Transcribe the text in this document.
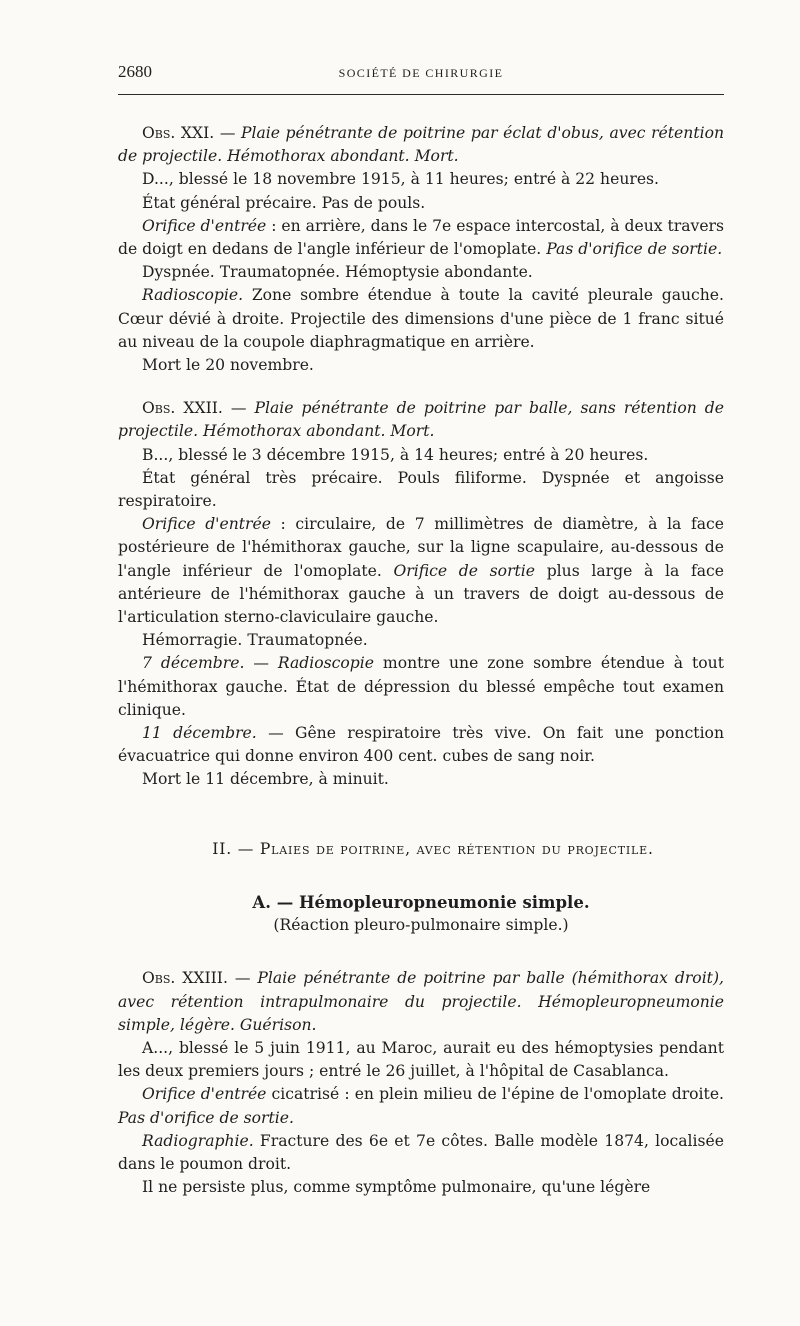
2680	SOCIÉTÉ DE CHIRURGIE

Obs. XXI. — Plaie pénétrante de poitrine par éclat d'obus, avec rétention de projectile. Hémothorax abondant. Mort.

D..., blessé le 18 novembre 1915, à 11 heures; entré à 22 heures.

État général précaire. Pas de pouls.

Orifice d'entrée : en arrière, dans le 7e espace intercostal, à deux travers de doigt en dedans de l'angle inférieur de l'omoplate. Pas d'orifice de sortie.

Dyspnée. Traumatopnée. Hémoptysie abondante.

Radioscopie. Zone sombre étendue à toute la cavité pleurale gauche. Cœur dévié à droite. Projectile des dimensions d'une pièce de 1 franc situé au niveau de la coupole diaphragmatique en arrière.

Mort le 20 novembre.

Obs. XXII. — Plaie pénétrante de poitrine par balle, sans rétention de projectile. Hémothorax abondant. Mort.

B..., blessé le 3 décembre 1915, à 14 heures; entré à 20 heures.

État général très précaire. Pouls filiforme. Dyspnée et angoisse respiratoire.

Orifice d'entrée : circulaire, de 7 millimètres de diamètre, à la face postérieure de l'hémithorax gauche, sur la ligne scapulaire, au-dessous de l'angle inférieur de l'omoplate. Orifice de sortie plus large à la face antérieure de l'hémithorax gauche à un travers de doigt au-dessous de l'articulation sterno-claviculaire gauche.

Hémorragie. Traumatopnée.

7 décembre. — Radioscopie montre une zone sombre étendue à tout l'hémithorax gauche. État de dépression du blessé empêche tout examen clinique.

11 décembre. — Gêne respiratoire très vive. On fait une ponction évacuatrice qui donne environ 400 cent. cubes de sang noir.

Mort le 11 décembre, à minuit.

II. — Plaies de poitrine, avec rétention du projectile.

A. — Hémopleuropneumonie simple.

(Réaction pleuro-pulmonaire simple.)

Obs. XXIII. — Plaie pénétrante de poitrine par balle (hémithorax droit), avec rétention intrapulmonaire du projectile. Hémopleuropneumonie simple, légère. Guérison.

A..., blessé le 5 juin 1911, au Maroc, aurait eu des hémoptysies pendant les deux premiers jours ; entré le 26 juillet, à l'hôpital de Casablanca.

Orifice d'entrée cicatrisé : en plein milieu de l'épine de l'omoplate droite. Pas d'orifice de sortie.

Radiographie. Fracture des 6e et 7e côtes. Balle modèle 1874, localisée dans le poumon droit.

Il ne persiste plus, comme symptôme pulmonaire, qu'une légère
